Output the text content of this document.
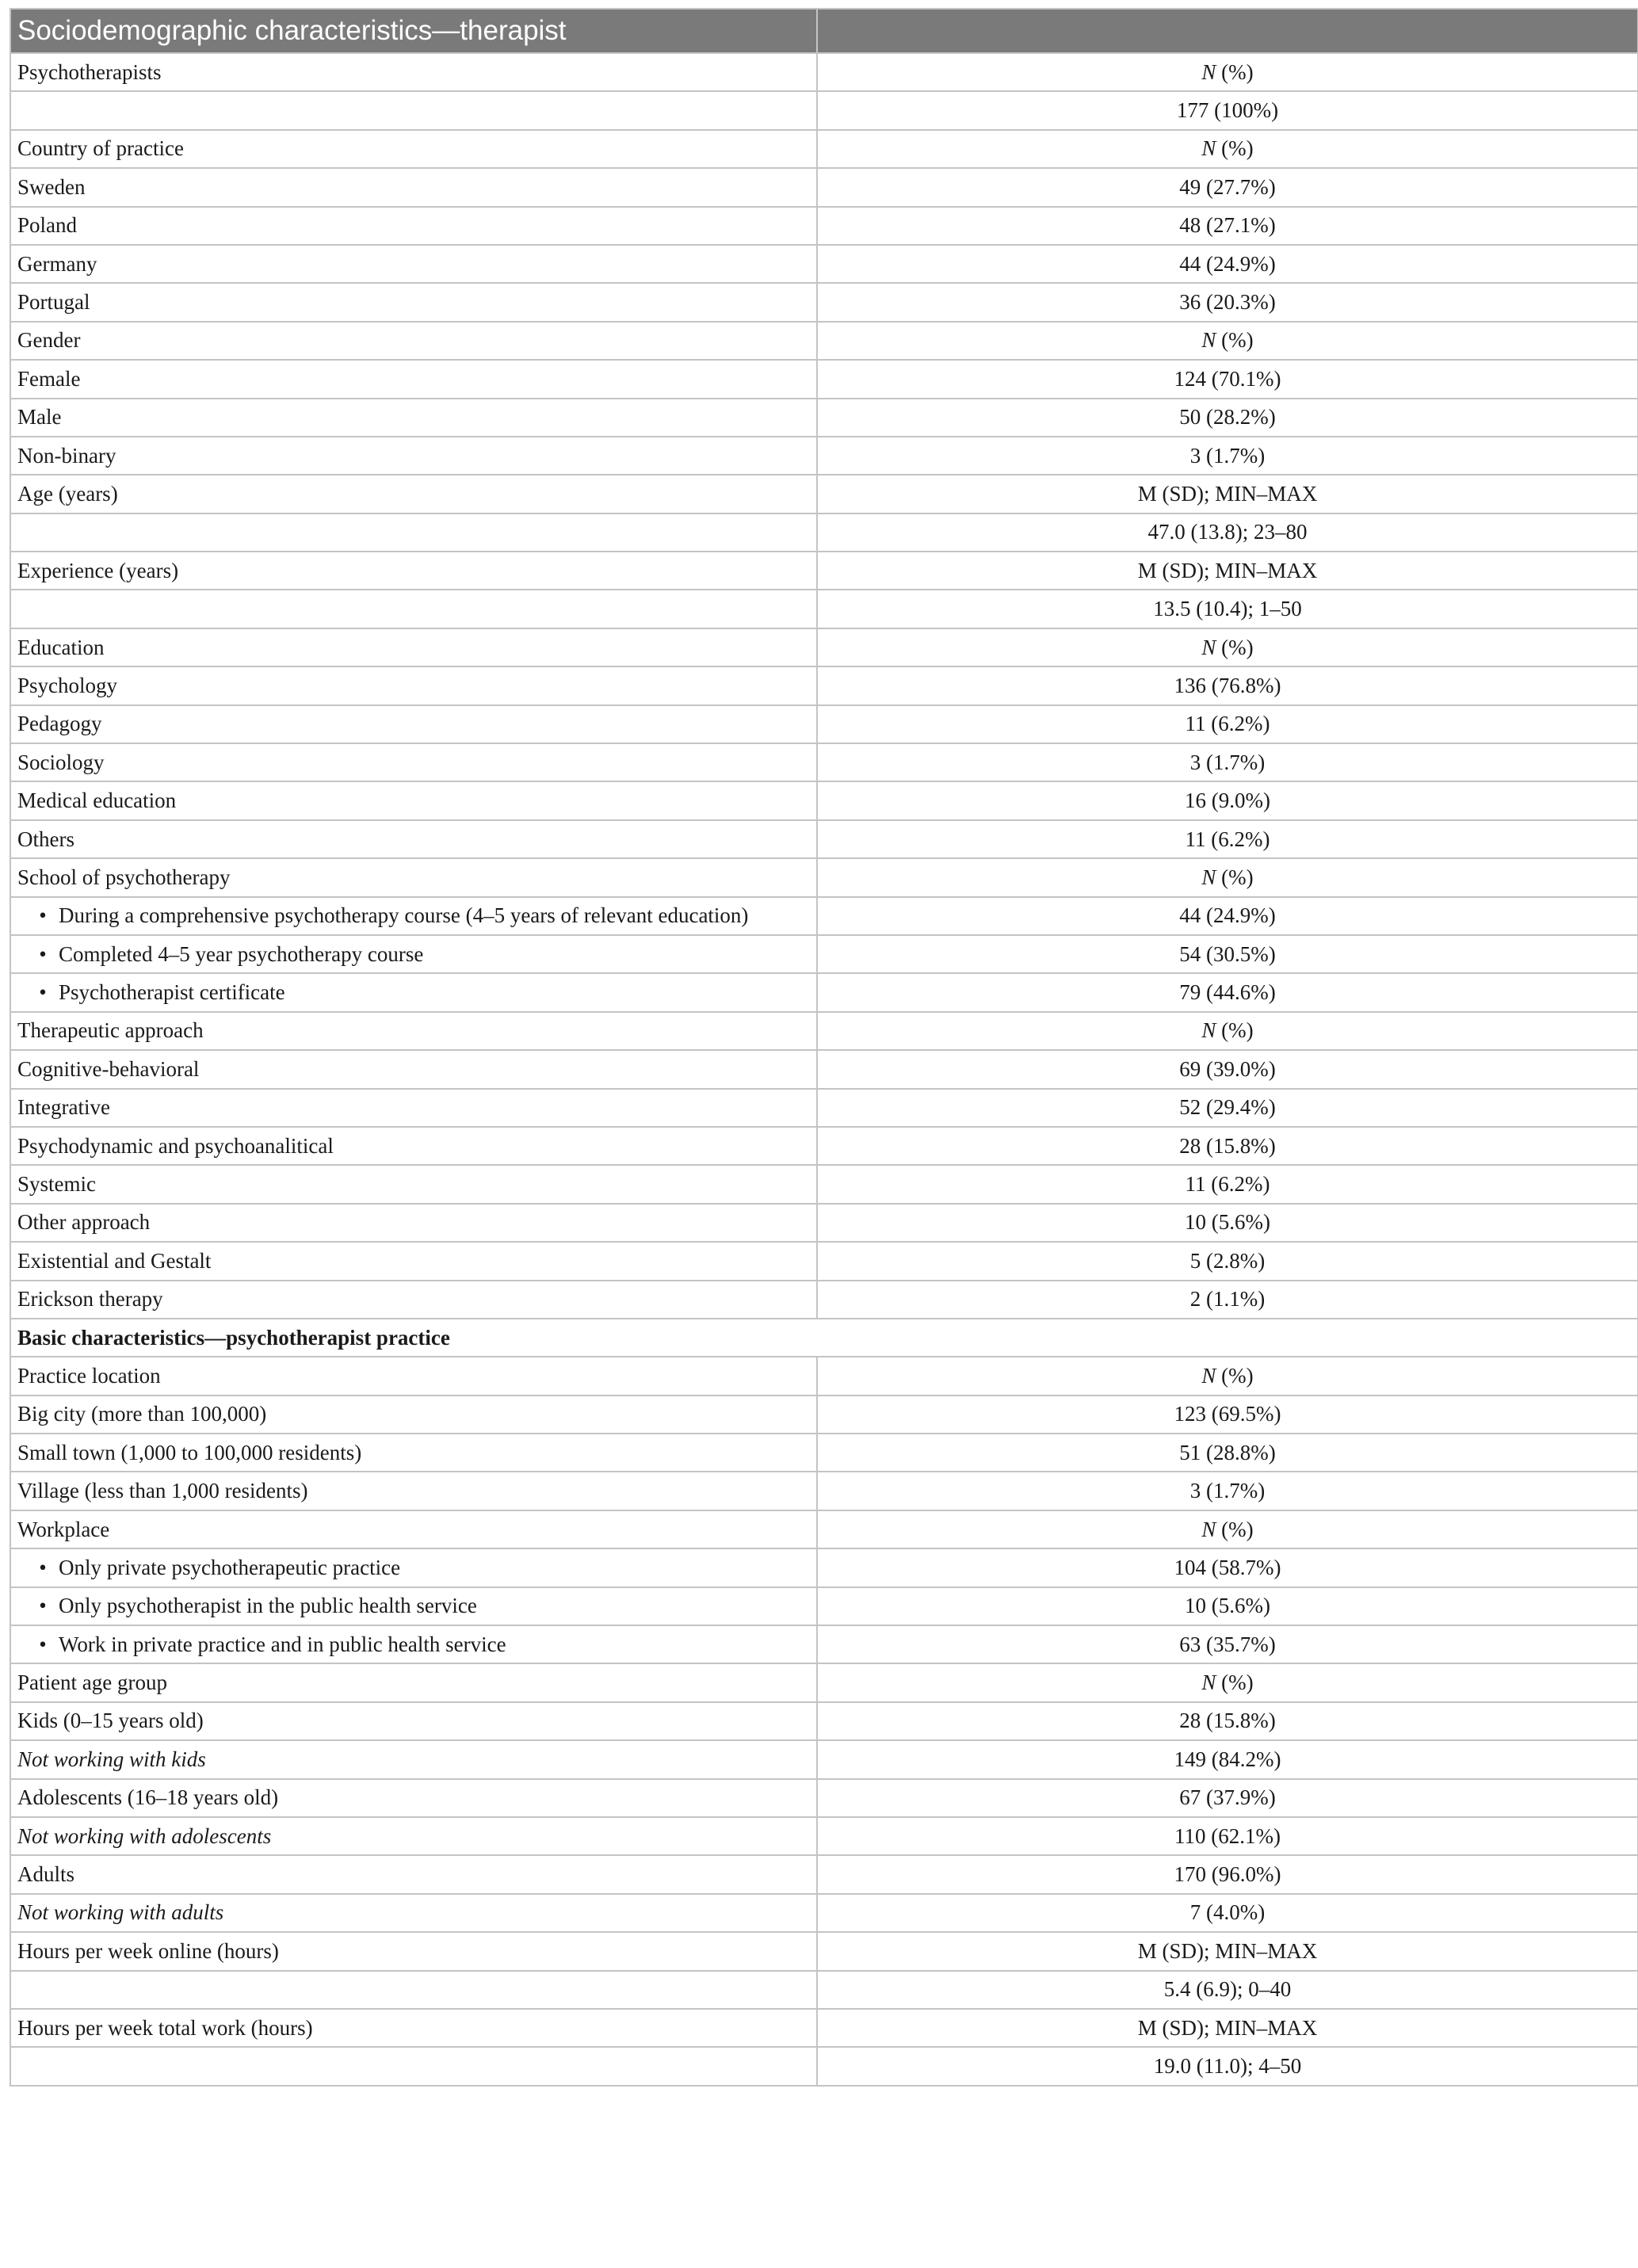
Sociodemographic characteristics—therapist	
Psychotherapists	N (%)
	177 (100%)
Country of practice	N (%)
Sweden	49 (27.7%)
Poland	48 (27.1%)
Germany	44 (24.9%)
Portugal	36 (20.3%)
Gender	N (%)
Female	124 (70.1%)
Male	50 (28.2%)
Non-binary	3 (1.7%)
Age (years)	M (SD); MIN–MAX
	47.0 (13.8); 23–80
Experience (years)	M (SD); MIN–MAX
	13.5 (10.4); 1–50
Education	N (%)
Psychology	136 (76.8%)
Pedagogy	11 (6.2%)
Sociology	3 (1.7%)
Medical education	16 (9.0%)
Others	11 (6.2%)
School of psychotherapy	N (%)
• During a comprehensive psychotherapy course (4–5 years of relevant education)	44 (24.9%)
• Completed 4–5 year psychotherapy course	54 (30.5%)
• Psychotherapist certificate	79 (44.6%)
Therapeutic approach	N (%)
Cognitive-behavioral	69 (39.0%)
Integrative	52 (29.4%)
Psychodynamic and psychoanalitical	28 (15.8%)
Systemic	11 (6.2%)
Other approach	10 (5.6%)
Existential and Gestalt	5 (2.8%)
Erickson therapy	2 (1.1%)
Basic characteristics—psychotherapist practice	
Practice location	N (%)
Big city (more than 100,000)	123 (69.5%)
Small town (1,000 to 100,000 residents)	51 (28.8%)
Village (less than 1,000 residents)	3 (1.7%)
Workplace	N (%)
• Only private psychotherapeutic practice	104 (58.7%)
• Only psychotherapist in the public health service	10 (5.6%)
• Work in private practice and in public health service	63 (35.7%)
Patient age group	N (%)
Kids (0–15 years old)	28 (15.8%)
Not working with kids	149 (84.2%)
Adolescents (16–18 years old)	67 (37.9%)
Not working with adolescents	110 (62.1%)
Adults	170 (96.0%)
Not working with adults	7 (4.0%)
Hours per week online (hours)	M (SD); MIN–MAX
	5.4 (6.9); 0–40
Hours per week total work (hours)	M (SD); MIN–MAX
	19.0 (11.0); 4–50
